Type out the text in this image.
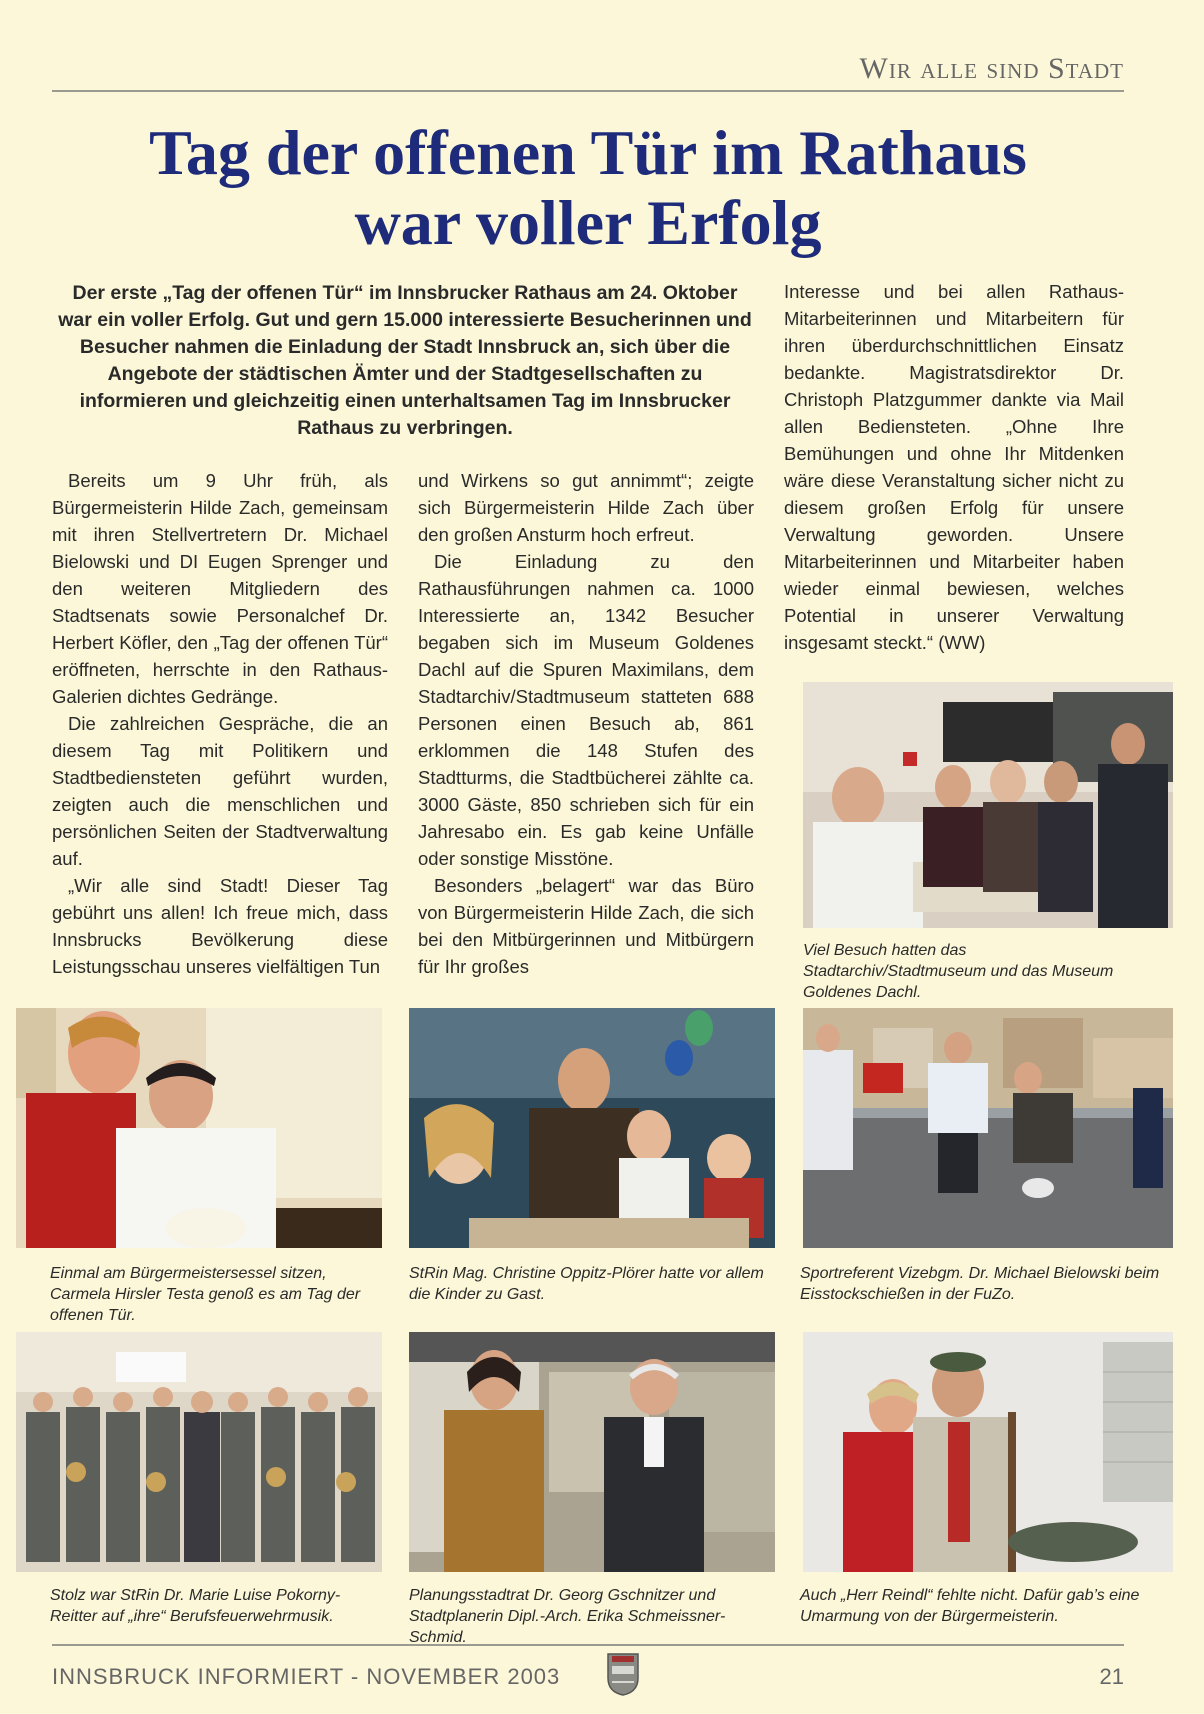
Wir alle sind Stadt
Tag der offenen Tür im Rathaus
war voller Erfolg

Der erste „Tag der offenen Tür“ im Innsbrucker Rathaus am 24. Oktober war ein voller Erfolg. Gut und gern 15.000 interessierte Besucherinnen und Besucher nahmen die Einladung der Stadt Innsbruck an, sich über die Angebote der städtischen Ämter und der Stadtgesellschaften zu informieren und gleichzeitig einen unterhaltsamen Tag im Innsbrucker Rathaus zu verbringen.

Bereits um 9 Uhr früh, als Bürgermeisterin Hilde Zach, gemeinsam mit ihren Stellvertretern Dr. Michael Bielowski und DI Eugen Sprenger und den weiteren Mitgliedern des Stadtsenats sowie Personalchef Dr. Herbert Köfler, den „Tag der offenen Tür“ eröffneten, herrschte in den Rathaus-Galerien dichtes Gedränge.

Die zahlreichen Gespräche, die an diesem Tag mit Politikern und Stadtbediensteten geführt wurden, zeigten auch die menschlichen und persönlichen Seiten der Stadtverwaltung auf.

„Wir alle sind Stadt! Dieser Tag gebührt uns allen! Ich freue mich, dass Innsbrucks Bevölkerung diese Leistungsschau unseres vielfältigen Tun

und Wirkens so gut annimmt“; zeigte sich Bürgermeisterin Hilde Zach über den großen Ansturm hoch erfreut.

Die Einladung zu den Rathausführungen nahmen ca. 1000 Interessierte an, 1342 Besucher begaben sich im Museum Goldenes Dachl auf die Spuren Maximilans, dem Stadtarchiv/Stadtmuseum statteten 688 Personen einen Besuch ab, 861 erklommen die 148 Stufen des Stadtturms, die Stadtbücherei zählte ca. 3000 Gäste, 850 schrieben sich für ein Jahresabo ein. Es gab keine Unfälle oder sonstige Misstöne.

Besonders „belagert“ war das Büro von Bürgermeisterin Hilde Zach, die sich bei den Mitbürgerinnen und Mitbürgern für Ihr großes

Interesse und bei allen Rathaus-Mitarbeiterinnen und Mitarbeitern für ihren überdurchschnittlichen Einsatz bedankte. Magistratsdirektor Dr. Christoph Platzgummer dankte via Mail allen Bediensteten. „Ohne Ihre Bemühungen und ohne Ihr Mitdenken wäre diese Veranstaltung sicher nicht zu diesem großen Erfolg für unsere Verwaltung geworden. Unsere Mitarbeiterinnen und Mitarbeiter haben wieder einmal bewiesen, welches Potential in unserer Verwaltung insgesamt steckt.“ (WW)

Viel Besuch hatten das Stadtarchiv/Stadtmuseum und das Museum Goldenes Dachl.

Einmal am Bürgermeistersessel sitzen, Carmela Hirsler Testa genoß es am Tag der offenen Tür.

StRin Mag. Christine Oppitz-Plörer hatte vor allem die Kinder zu Gast.

Sportreferent Vizebgm. Dr. Michael Bielowski beim Eisstockschießen in der FuZo.

Stolz war StRin Dr. Marie Luise Pokorny-Reitter auf „ihre“ Berufsfeuerwehrmusik.

Planungsstadtrat Dr. Georg Gschnitzer und Stadtplanerin Dipl.-Arch. Erika Schmeissner-Schmid.

Auch „Herr Reindl“ fehlte nicht. Dafür gab’s eine Umarmung von der Bürgermeisterin.

INNSBRUCK INFORMIERT - NOVEMBER 2003	21
